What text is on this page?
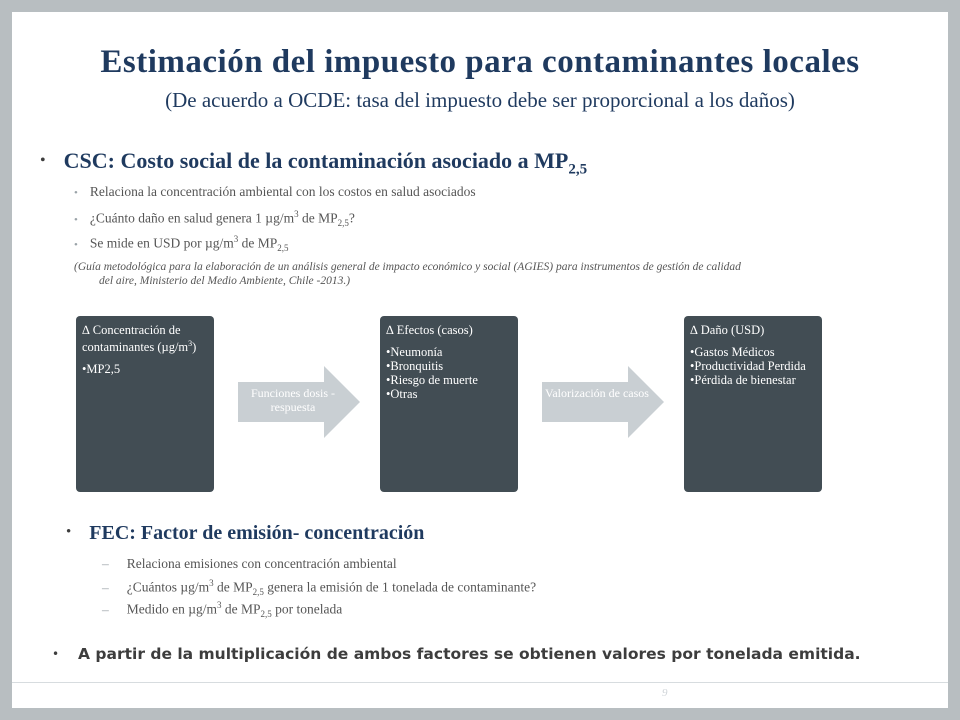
Estimación del impuesto para contaminantes locales
(De acuerdo a OCDE: tasa del impuesto debe ser proporcional a los daños)
• CSC: Costo social de la contaminación asociado a $MP_{2,5}$
• Relaciona la concentración ambiental con los costos en salud asociados
• ¿Cuánto daño en salud genera 1 $\mu g/m^3$ de $MP_{2,5}$?
• Se mide en USD por $\mu g/m^3$ de $MP_{2,5}$
(Guía metodológica para la elaboración de un análisis general de impacto económico y social (AGIES) para instrumentos de gestión de calidad
del aire, Ministerio del Medio Ambiente, Chile -2013.)
∆ Concentración de contaminantes $(\mu g/m^3)$
•MP2,5
Funciones dosis -respuesta
∆ Efectos (casos)
•Neumonía
•Bronquitis
•Riesgo de muerte
•Otras	Valorización de casos
∆ Daño (USD)
•Gastos Médicos
•Productividad Perdida
•Pérdida de bienestar
• FEC: Factor de emisión- concentración
– Relaciona emisiones con concentración ambiental
– ¿Cuántos $\mu g/m^3$ de $MP_{2,5}$ genera la emisión de 1 tonelada de contaminante?
– Medido en $\mu g/m^3$ de $MP_{2,5}$ por tonelada
•	A partir de la multiplicación de ambos factores se obtienen valores por tonelada emitida.
9
